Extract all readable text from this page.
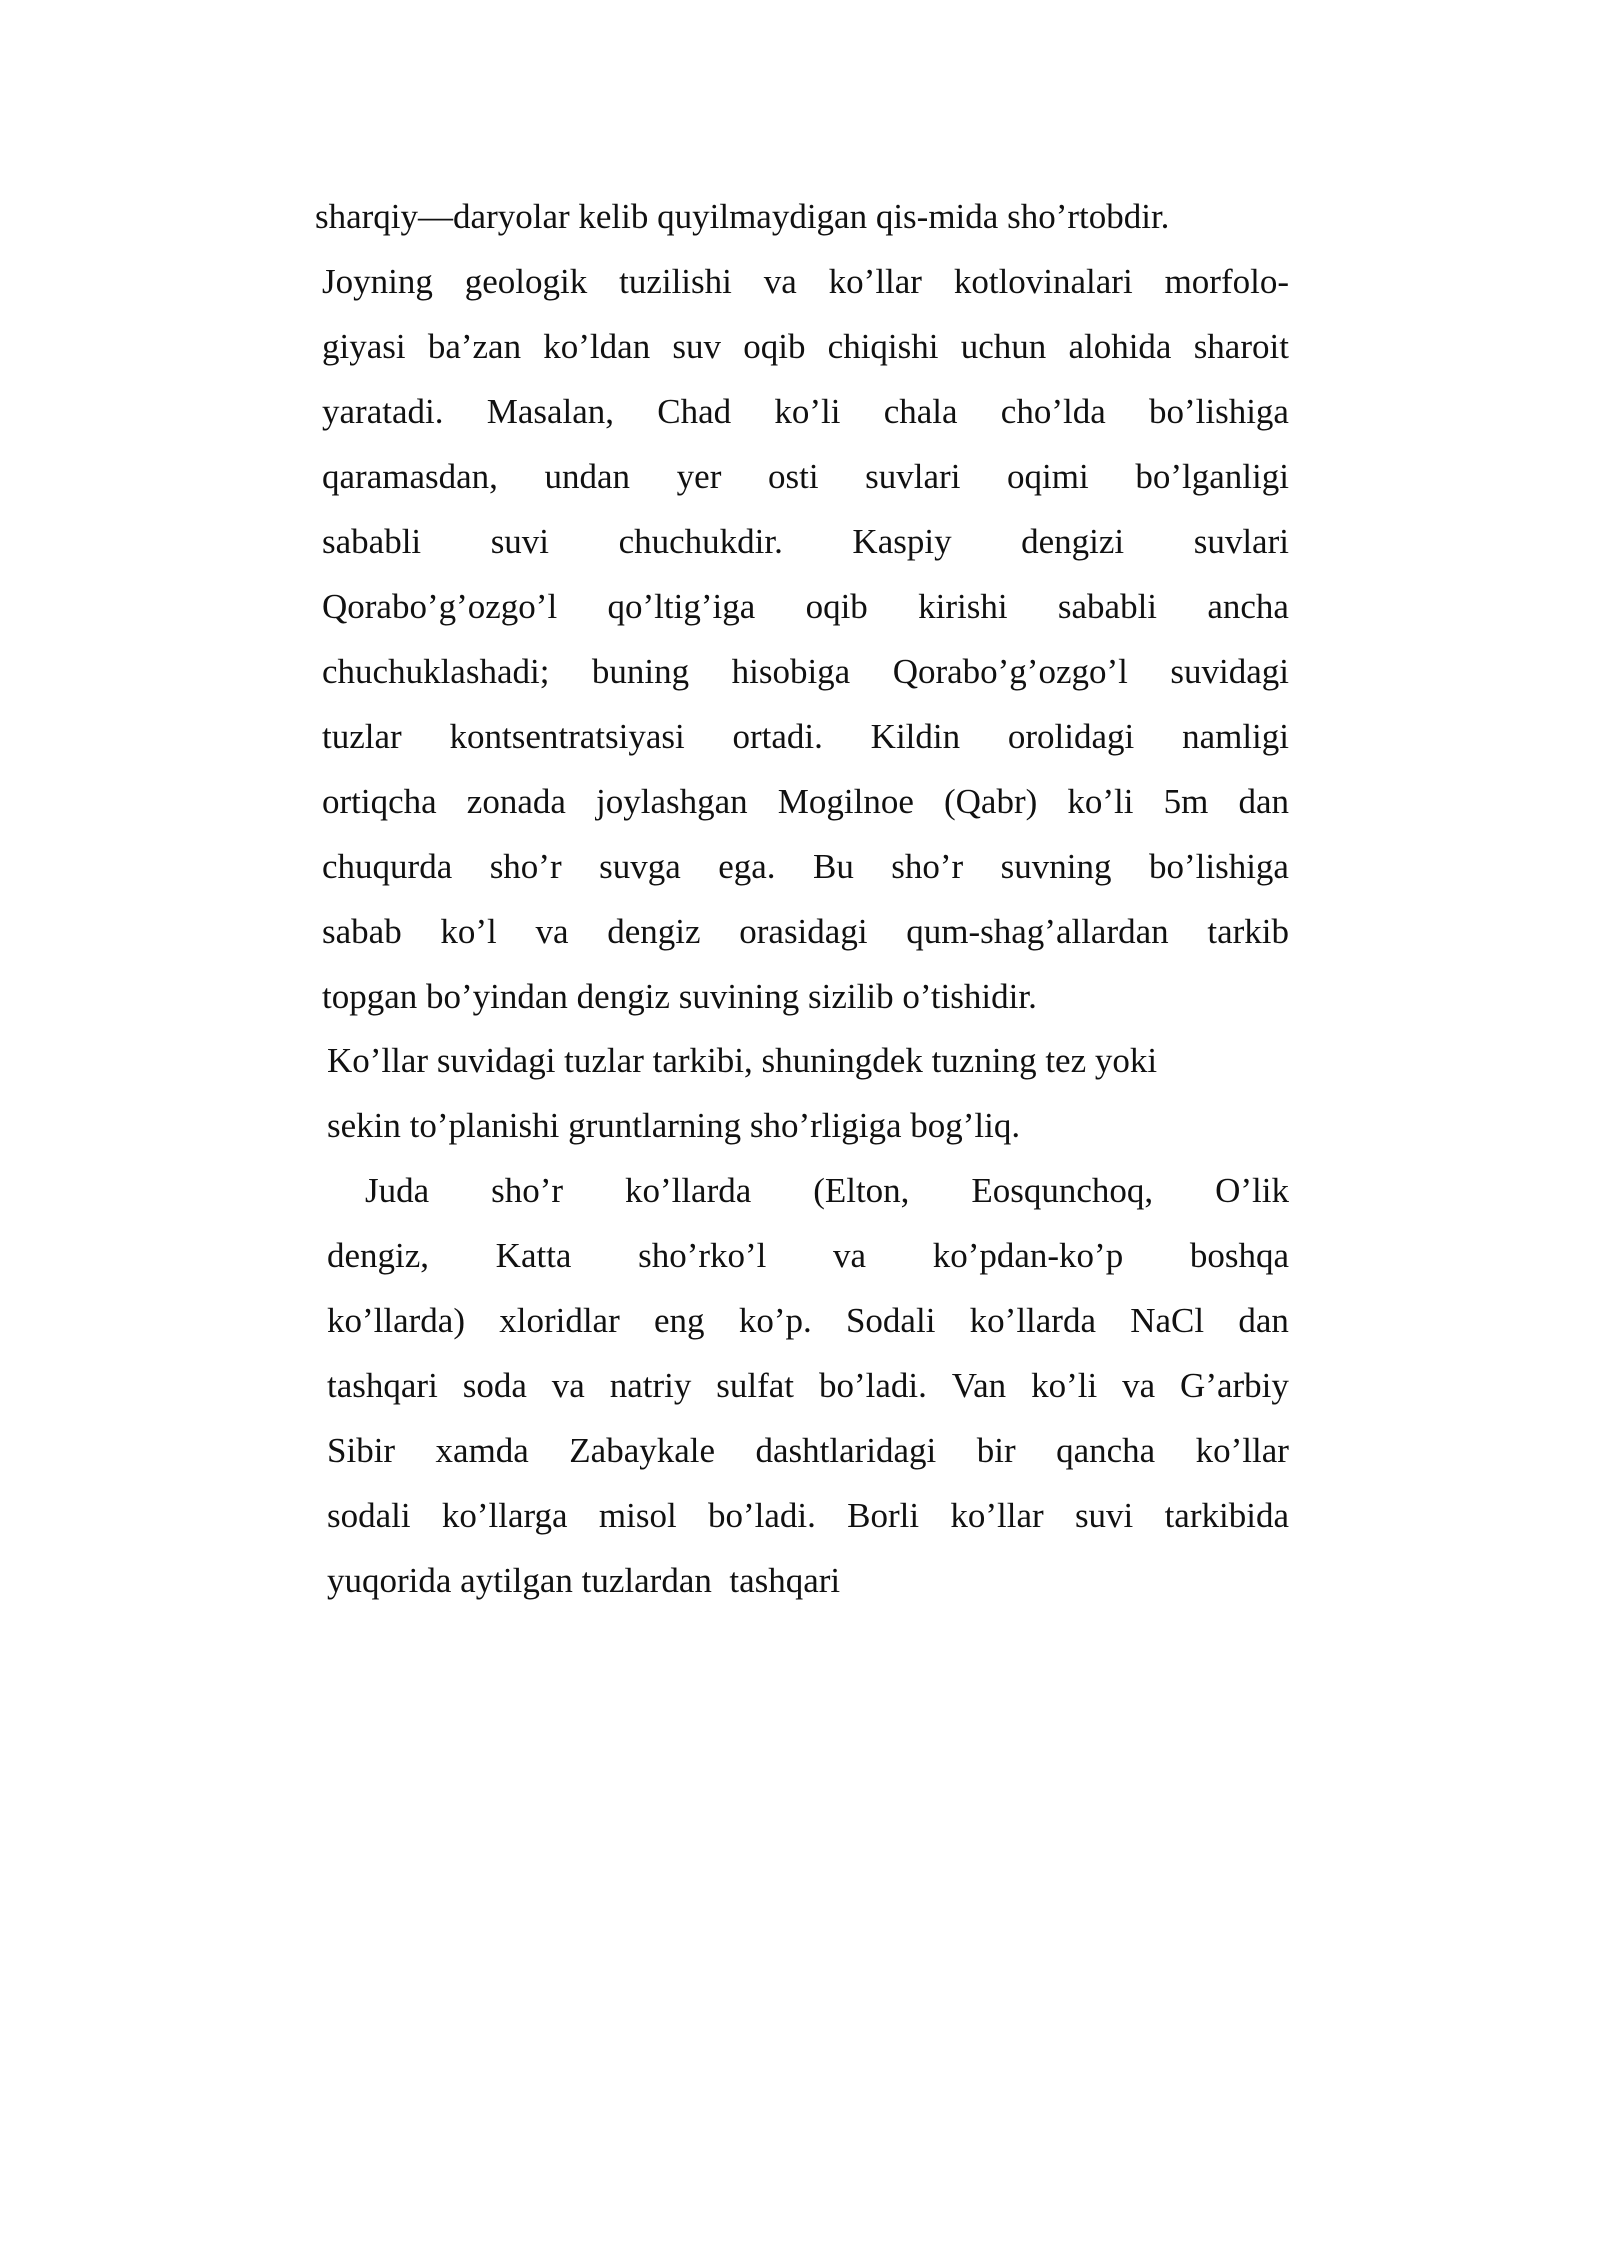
sharqiy—daryolar kelib quyilmaydigan qis-mida sho’rtobdir.
Joyning geologik tuzilishi va ko’llar kotlovinalari morfolo-
giyasi ba’zan ko’ldan suv oqib chiqishi uchun alohida sharoit
yaratadi. Masalan, Chad ko’li chala cho’lda bo’lishiga
qaramasdan, undan yer osti suvlari oqimi bo’lganligi
sababli suvi chuchukdir. Kaspiy dengizi suvlari
Qorabo’g’ozgo’l qo’ltig’iga oqib kirishi sababli ancha
chuchuklashadi; buning hisobiga Qorabo’g’ozgo’l suvidagi
tuzlar kontsentratsiyasi ortadi. Kildin orolidagi namligi
ortiqcha zonada joylashgan Mogilnoe (Qabr) ko’li 5m dan
chuqurda sho’r suvga ega. Bu sho’r suvning bo’lishiga
sabab ko’l va dengiz orasidagi qum-shag’allardan tarkib
topgan bo’yindan dengiz suvining sizilib o’tishidir.
Ko’llar suvidagi tuzlar tarkibi, shuningdek tuzning tez yoki
sekin to’planishi gruntlarning sho’rligiga bog’liq.
Juda sho’r ko’llarda (Elton, Eosqunchoq, O’lik
dengiz, Katta sho’rko’l va ko’pdan-ko’p boshqa
ko’llarda) xloridlar eng ko’p. Sodali ko’llarda NaCl dan
tashqari soda va natriy sulfat bo’ladi. Van ko’li va G’arbiy
Sibir xamda Zabaykale dashtlaridagi bir qancha ko’llar
sodali ko’llarga misol bo’ladi. Borli ko’llar suvi tarkibida
yuqorida aytilgan tuzlardan  tashqari
